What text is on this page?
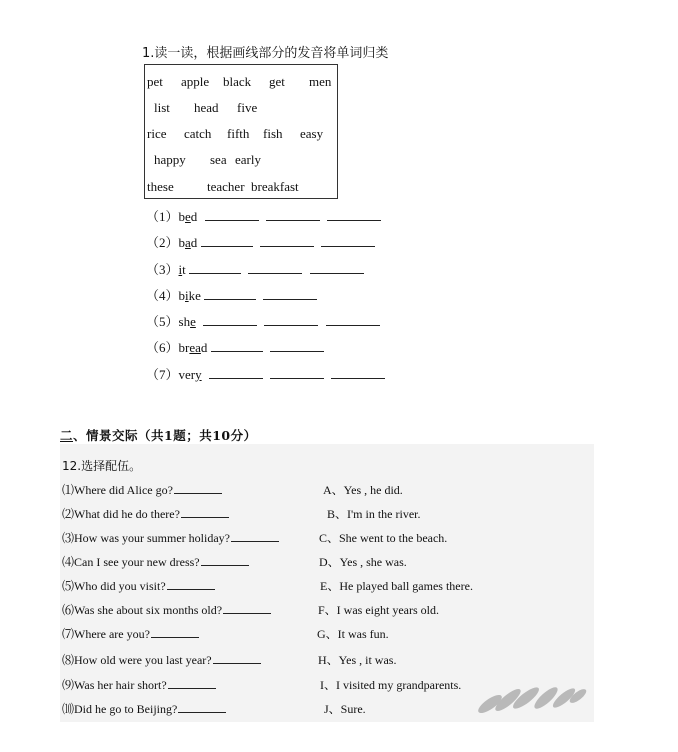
1.读一读，根据画线部分的发音将单词归类
pet apple black get men
list head five
rice catch fifth fish easy
happy sea early
these	teacher breakfast
（1）bed
（2）bad
（3）it
（4）bike
（5）she
（6）bread
（7）very
二、情景交际（共1题；共10分）
12.选择配伍。
⑴Where did Alice go?
⑵What did he do there?
⑶How was your summer holiday?
⑷Can I see your new dress?
⑸Who did you visit?
⑹Was she about six months old?
⑺Where are you?
⑻How old were you last year?
⑼Was her hair short?
⑽Did he go to Beijing?
A、Yes , he did.
B、I'm in the river.
C、She went to the beach.
D、Yes , she was.
E、He played ball games there.
F、I was eight years old.
G、It was fun.
H、Yes , it was.
I、I visited my grandparents.
J、Sure.
